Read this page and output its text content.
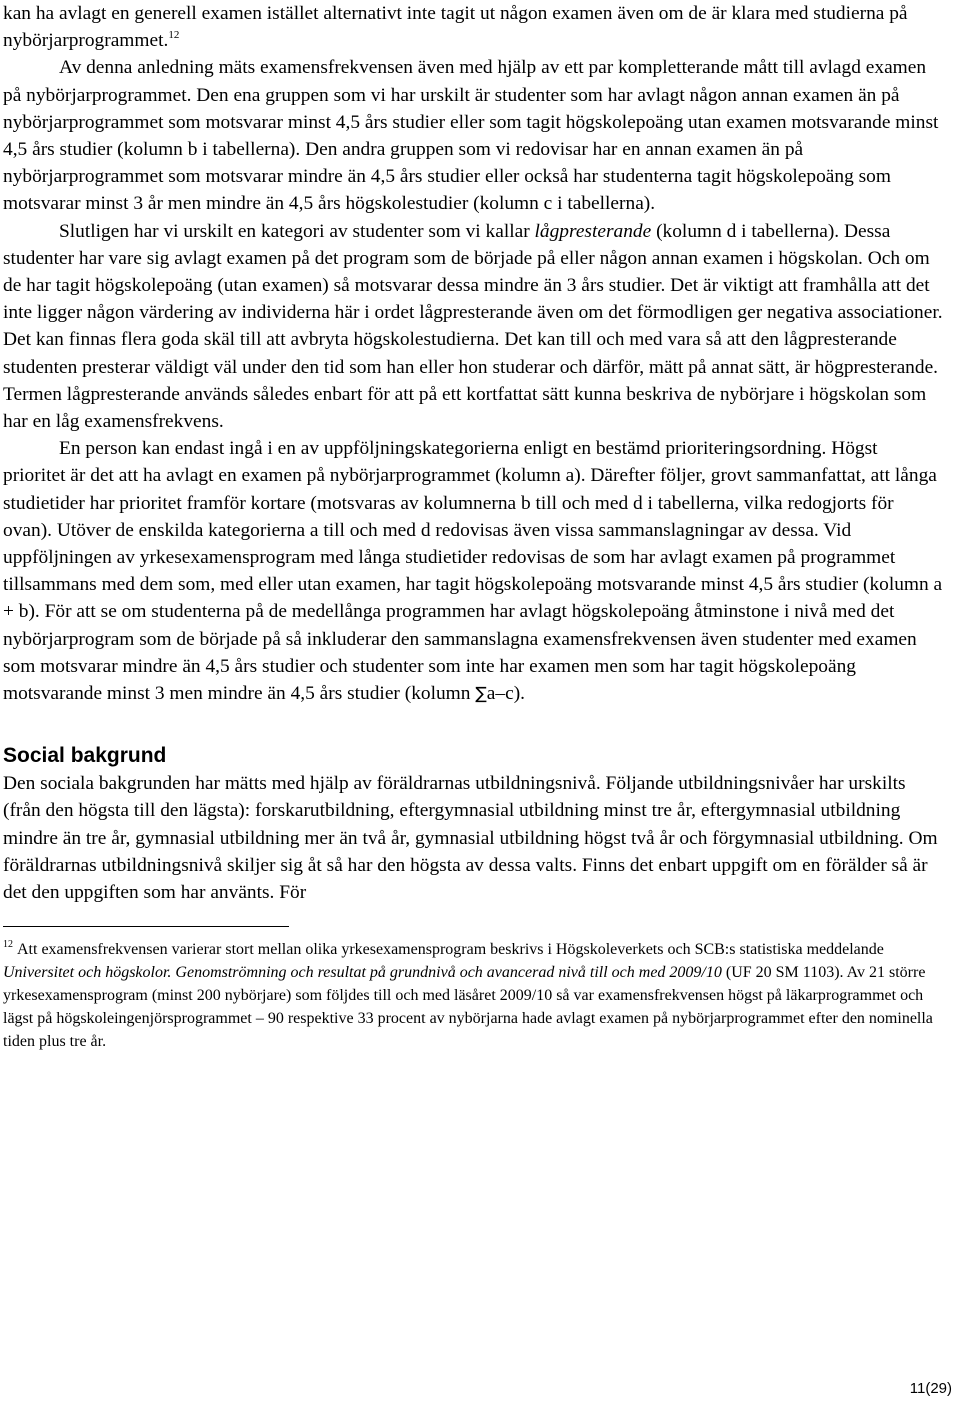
kan ha avlagt en generell examen istället alternativt inte tagit ut någon examen även om de är klara med studierna på nybörjarprogrammet.$^{12}$

Av denna anledning mäts examensfrekvensen även med hjälp av ett par kompletterande mått till avlagd examen på nybörjarprogrammet. Den ena gruppen som vi har urskilt är studenter som har avlagt någon annan examen än på nybörjarprogrammet som motsvarar minst 4,5 års studier eller som tagit högskolepoäng utan examen motsvarande minst 4,5 års studier (kolumn b i tabellerna). Den andra gruppen som vi redovisar har en annan examen än på nybörjarprogrammet som motsvarar mindre än 4,5 års studier eller också har studenterna tagit högskolepoäng som motsvarar minst 3 år men mindre än 4,5 års högskolestudier (kolumn c i tabellerna).

Slutligen har vi urskilt en kategori av studenter som vi kallar lågpresterande (kolumn d i tabellerna). Dessa studenter har vare sig avlagt examen på det program som de började på eller någon annan examen i högskolan. Och om de har tagit högskolepoäng (utan examen) så motsvarar dessa mindre än 3 års studier. Det är viktigt att framhålla att det inte ligger någon värdering av individerna här i ordet lågpresterande även om det förmodligen ger negativa associationer. Det kan finnas flera goda skäl till att avbryta högskolestudierna. Det kan till och med vara så att den lågpresterande studenten presterar väldigt väl under den tid som han eller hon studerar och därför, mätt på annat sätt, är högpresterande. Termen lågpresterande används således enbart för att på ett kortfattat sätt kunna beskriva de nybörjare i högskolan som har en låg examensfrekvens.

En person kan endast ingå i en av uppföljningskategorierna enligt en bestämd prioriteringsordning. Högst prioritet är det att ha avlagt en examen på nybörjarprogrammet (kolumn a). Därefter följer, grovt sammanfattat, att långa studietider har prioritet framför kortare (motsvaras av kolumnerna b till och med d i tabellerna, vilka redogjorts för ovan). Utöver de enskilda kategorierna a till och med d redovisas även vissa sammanslagningar av dessa. Vid uppföljningen av yrkesexamensprogram med långa studietider redovisas de som har avlagt examen på programmet tillsammans med dem som, med eller utan examen, har tagit högskolepoäng motsvarande minst 4,5 års studier (kolumn a + b). För att se om studenterna på de medellånga programmen har avlagt högskolepoäng åtminstone i nivå med det nybörjarprogram som de började på så inkluderar den sammanslagna examensfrekvensen även studenter med examen som motsvarar mindre än 4,5 års studier och studenter som inte har examen men som har tagit högskolepoäng motsvarande minst 3 men mindre än 4,5 års studier (kolumn ∑a–c).

Social bakgrund

Den sociala bakgrunden har mätts med hjälp av föräldrarnas utbildningsnivå. Följande utbildningsnivåer har urskilts (från den högsta till den lägsta): forskarutbildning, eftergymnasial utbildning minst tre år, eftergymnasial utbildning mindre än tre år, gymnasial utbildning mer än två år, gymnasial utbildning högst två år och förgymnasial utbildning. Om föräldrarnas utbildningsnivå skiljer sig åt så har den högsta av dessa valts. Finns det enbart uppgift om en förälder så är det den uppgiften som har använts. För

$^{12}$ Att examensfrekvensen varierar stort mellan olika yrkesexamensprogram beskrivs i Högskoleverkets och SCB:s statistiska meddelande Universitet och högskolor. Genomströmning och resultat på grundnivå och avancerad nivå till och med 2009/10 (UF 20 SM 1103). Av 21 större yrkesexamensprogram (minst 200 nybörjare) som följdes till och med läsåret 2009/10 så var examensfrekvensen högst på läkarprogrammet och lägst på högskoleingenjörsprogrammet – 90 respektive 33 procent av nybörjarna hade avlagt examen på nybörjarprogrammet efter den nominella tiden plus tre år.

11(29)
